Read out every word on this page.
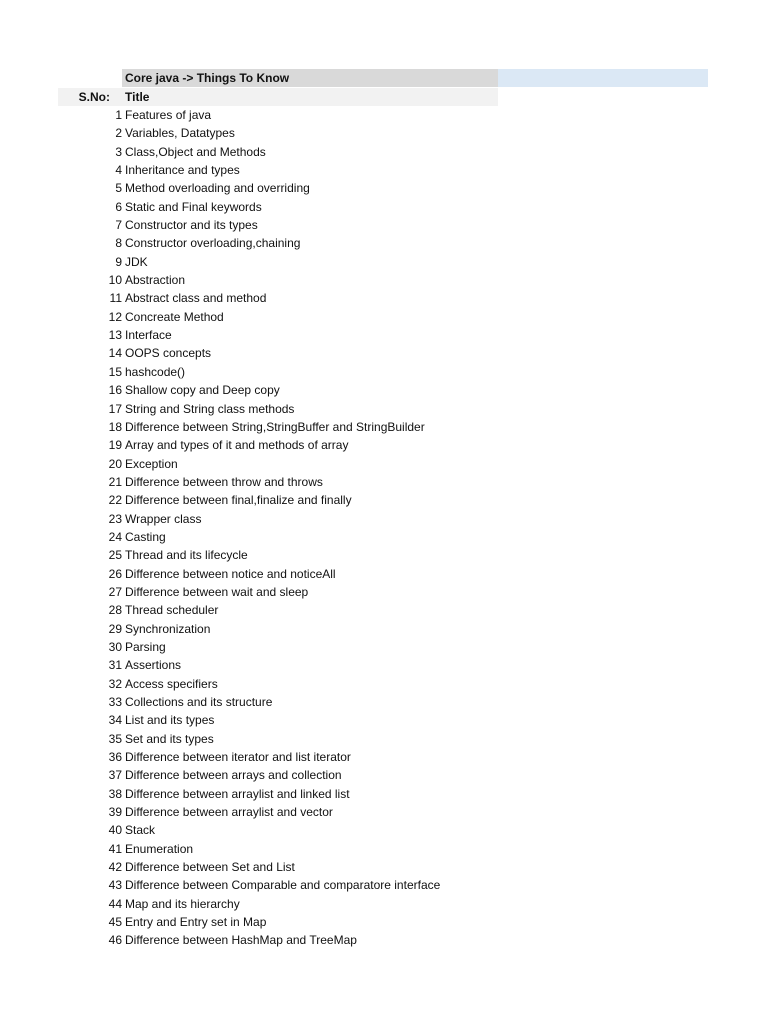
Core java -> Things To Know
S.No: Title
1 Features of java
2 Variables, Datatypes
3 Class,Object and Methods
4 Inheritance and types
5 Method overloading and overriding
6 Static and Final keywords
7 Constructor and its types
8 Constructor overloading,chaining
9 JDK
10 Abstraction
11 Abstract class and method
12 Concreate Method
13 Interface
14 OOPS concepts
15 hashcode()
16 Shallow copy and Deep copy
17 String and String class methods
18 Difference between String,StringBuffer and StringBuilder
19 Array and types of it and methods of array
20 Exception
21 Difference between throw and throws
22 Difference between final,finalize and finally
23 Wrapper class
24 Casting
25 Thread and its lifecycle
26 Difference between notice and noticeAll
27 Difference between wait and sleep
28 Thread scheduler
29 Synchronization
30 Parsing
31 Assertions
32 Access specifiers
33 Collections and its structure
34 List and its types
35 Set and its types
36 Difference between iterator and list iterator
37 Difference between arrays and collection
38 Difference between arraylist and linked list
39 Difference between arraylist and vector
40 Stack
41 Enumeration
42 Difference between Set and List
43 Difference between Comparable and comparatore interface
44 Map and its hierarchy
45 Entry and Entry set in Map
46 Difference between HashMap and TreeMap
